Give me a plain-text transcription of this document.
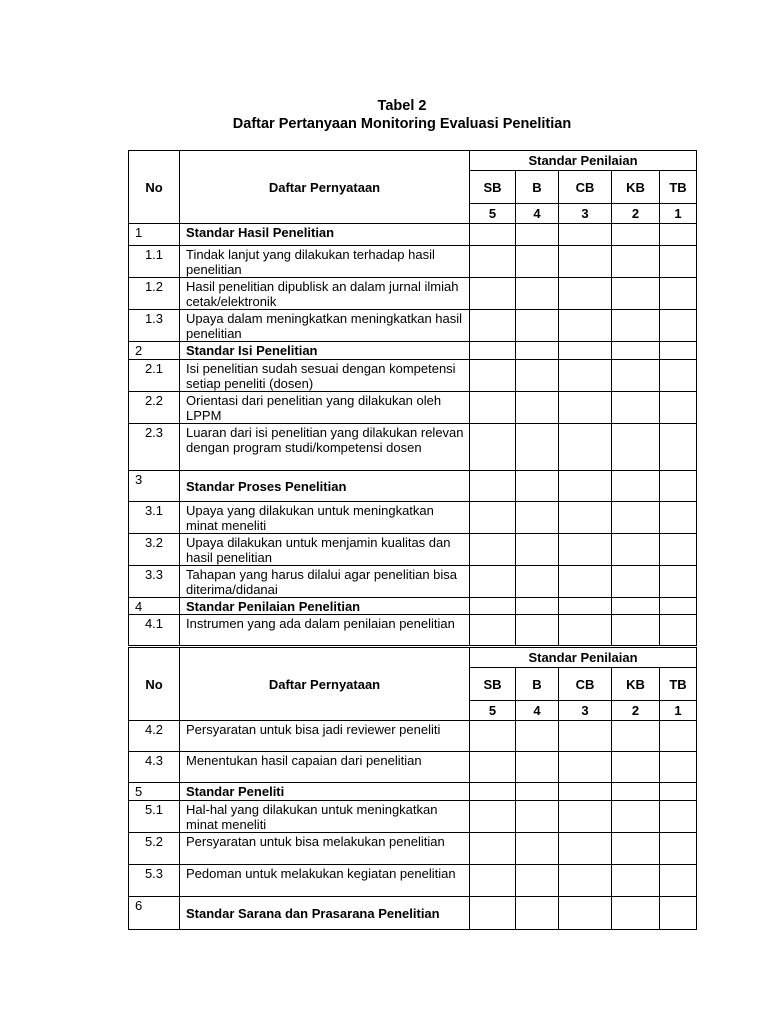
Tabel 2
Daftar Pertanyaan Monitoring Evaluasi Penelitian
No	Daftar Pernyataan	Standar Penilaian				
		SB	B	CB	KB	TB
		5	4	3	2	1

1	Standar Hasil Penelitian					

1.1	Tindak lanjut yang dilakukan terhadap hasil penelitian					

1.2	Hasil penelitian dipublisk an dalam jurnal ilmiah cetak/elektronik					

1.3	Upaya dalam meningkatkan meningkatkan hasil penelitian					

2	Standar Isi Penelitian					

2.1	Isi penelitian sudah sesuai dengan kompetensi setiap peneliti (dosen)					

2.2	Orientasi dari penelitian yang dilakukan oleh LPPM					

2.3	Luaran dari isi penelitian yang dilakukan relevan dengan program studi/kompetensi dosen					

3	Standar Proses Penelitian					

3.1	Upaya yang dilakukan untuk meningkatkan minat meneliti					

3.2	Upaya dilakukan untuk menjamin kualitas dan hasil penelitian					

3.3	Tahapan yang harus dilalui agar penelitian bisa diterima/didanai					

4	Standar Penilaian Penelitian					

4.1	Instrumen yang ada dalam penilaian penelitian					

No	Daftar Pernyataan	Standar Penilaian				
		SB	B	CB	KB	TB
		5	4	3	2	1

4.2	Persyaratan untuk bisa jadi reviewer peneliti					

4.3	Menentukan hasil capaian dari penelitian					

5	Standar Peneliti					

5.1	Hal-hal yang dilakukan untuk meningkatkan minat meneliti					

5.2	Persyaratan untuk bisa melakukan penelitian					

5.3	Pedoman untuk melakukan kegiatan penelitian					

6	Standar Sarana dan Prasarana Penelitian					
